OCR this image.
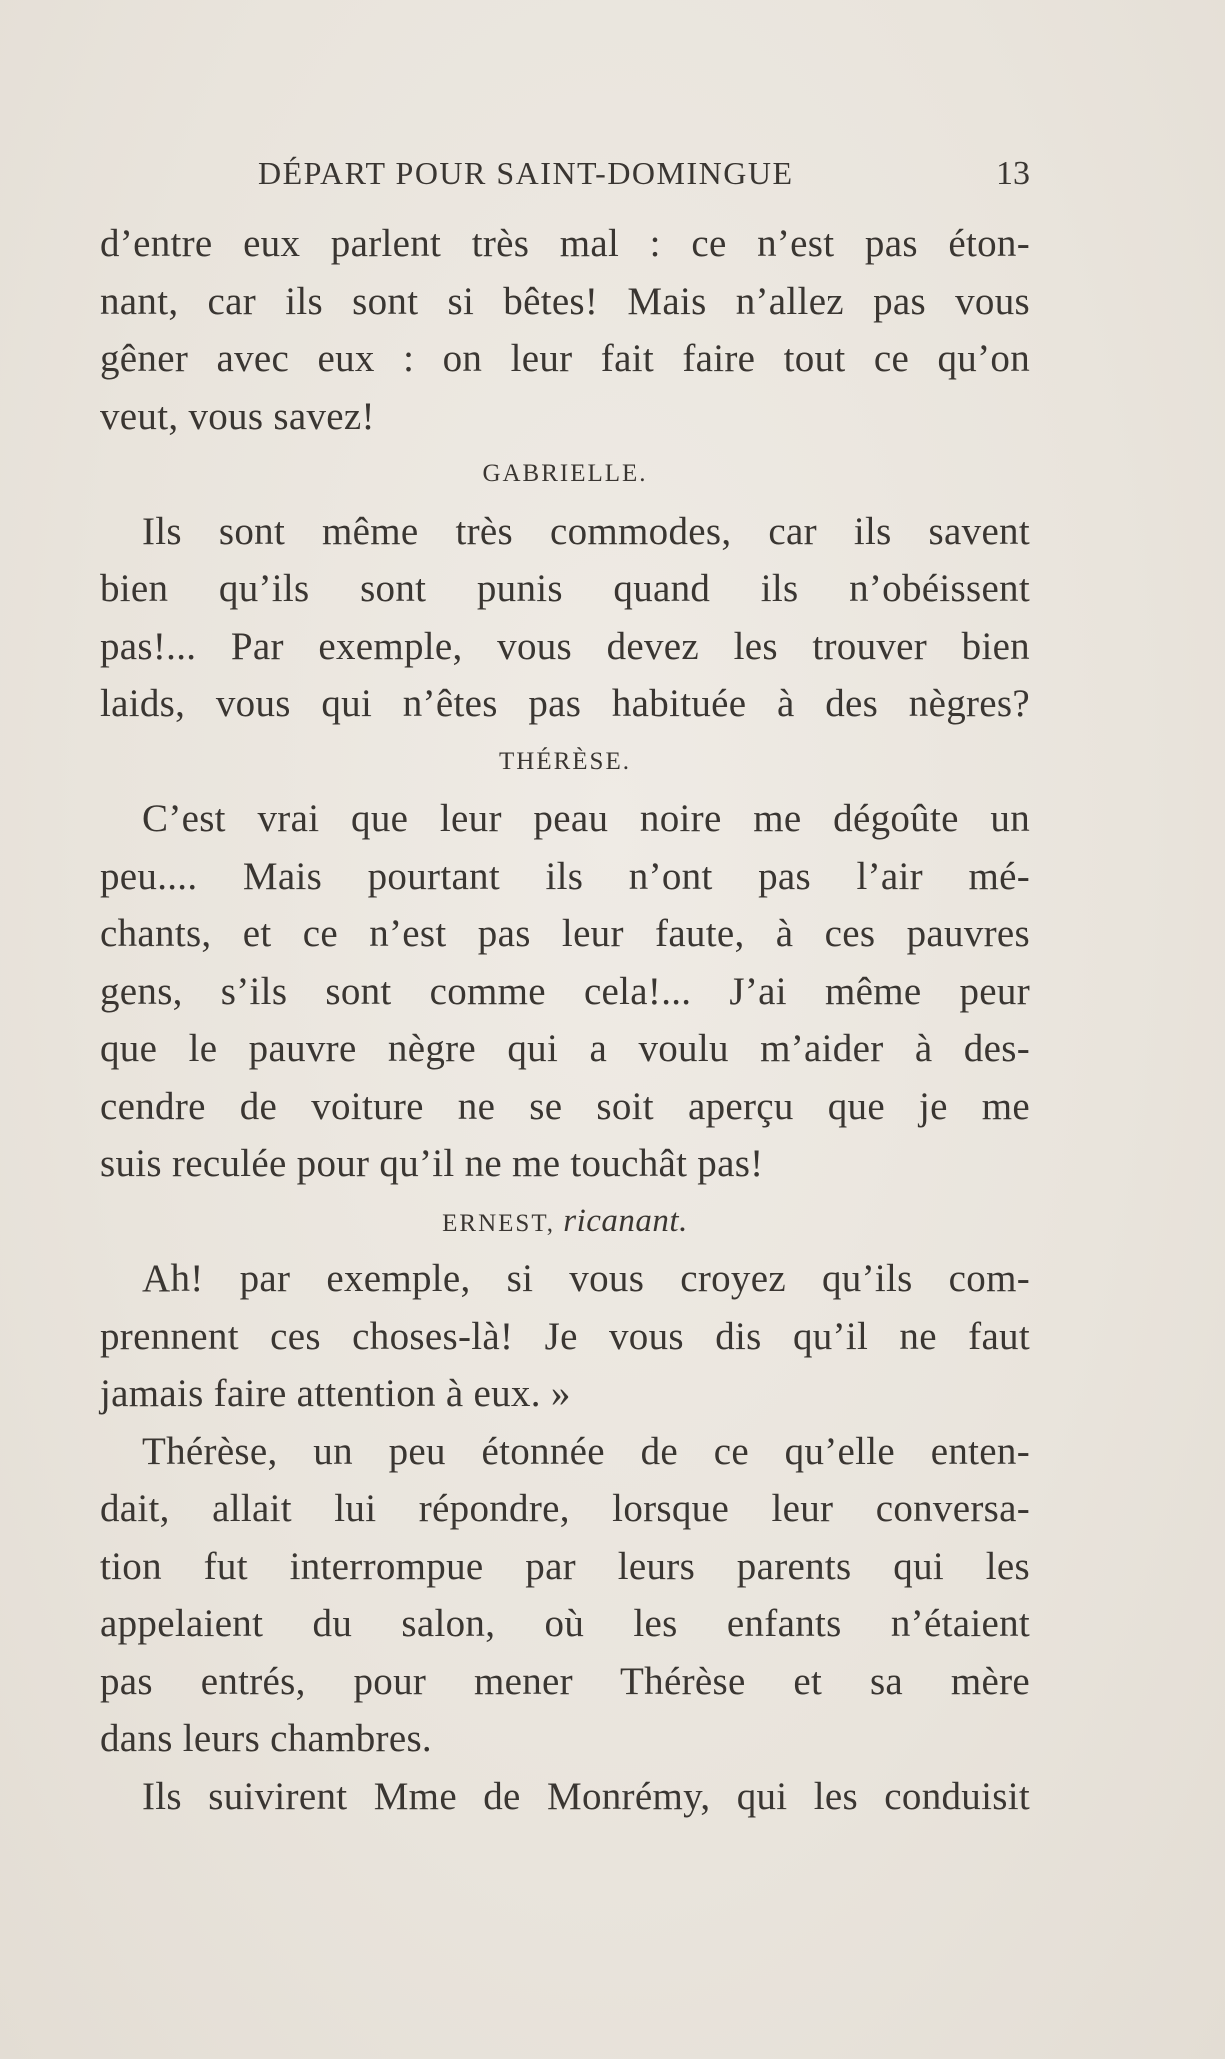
DÉPART POUR SAINT-DOMINGUE	13
d’entre eux parlent très mal : ce n’est pas éton-
nant, car ils sont si bêtes! Mais n’allez pas vous
gêner avec eux : on leur fait faire tout ce qu’on
veut, vous savez!
GABRIELLE.
Ils sont même très commodes, car ils savent
bien qu’ils sont punis quand ils n’obéissent
pas!... Par exemple, vous devez les trouver bien
laids, vous qui n’êtes pas habituée à des nègres?
THÉRÈSE.
C’est vrai que leur peau noire me dégoûte un
peu.... Mais pourtant ils n’ont pas l’air mé-
chants, et ce n’est pas leur faute, à ces pauvres
gens, s’ils sont comme cela!... J’ai même peur
que le pauvre nègre qui a voulu m’aider à des-
cendre de voiture ne se soit aperçu que je me
suis reculée pour qu’il ne me touchât pas!
ERNEST, ricanant.
Ah! par exemple, si vous croyez qu’ils com-
prennent ces choses-là! Je vous dis qu’il ne faut
jamais faire attention à eux. »
Thérèse, un peu étonnée de ce qu’elle enten-
dait, allait lui répondre, lorsque leur conversa-
tion fut interrompue par leurs parents qui les
appelaient du salon, où les enfants n’étaient
pas entrés, pour mener Thérèse et sa mère
dans leurs chambres.
Ils suivirent Mme de Monrémy, qui les conduisit
